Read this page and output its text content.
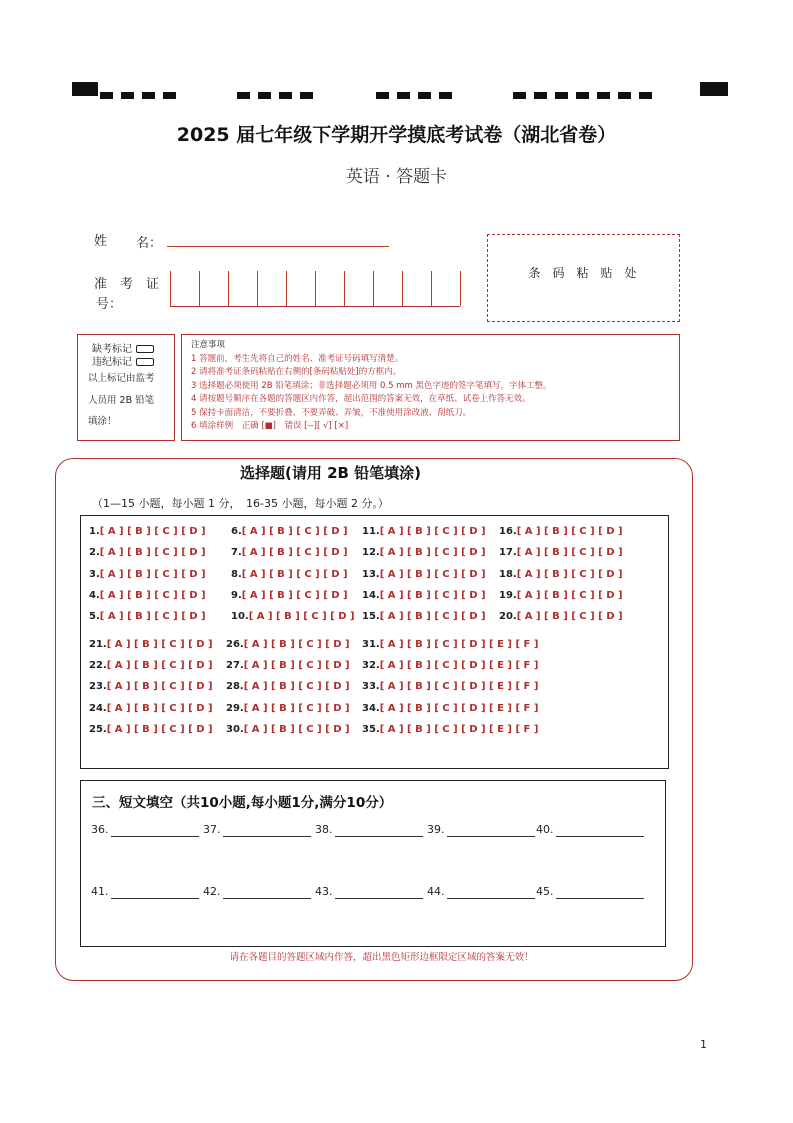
2025 届七年级下学期开学摸底考试卷（湖北省卷）
英语 · 答题卡
姓 名：
准　考　证
号：
条　码　粘　贴　处
缺考标记
违纪标记
以上标记由监考
人员用 2B 铅笔
填涂！
注意事项
1 答题前，考生先将自己的姓名、准考证号码填写清楚。
2 请将准考证条码粘贴在右侧的[条码粘贴处]的方框内。
3 选择题必须使用 2B 铅笔填涂；非选择题必须用 0.5 mm 黑色字迹的签字笔填写，字体工整。
4 请按题号顺序在各题的答题区内作答，超出范围的答案无效，在草纸、试卷上作答无效。
5 保持卡面清洁，不要折叠、不要弄破、弄皱，不准使用涂改液、刮纸刀。
6 填涂样例　正确 [■]　错误 [--][ √] [×]
选择题(请用 2B 铅笔填涂)
（1—15 小题，每小题 1 分，　16-35 小题，每小题 2 分。）
1.[ A ] [ B ] [ C ] [ D ]
2.[ A ] [ B ] [ C ] [ D ]
3.[ A ] [ B ] [ C ] [ D ]
4.[ A ] [ B ] [ C ] [ D ]
5.[ A ] [ B ] [ C ] [ D ]
6.[ A ] [ B ] [ C ] [ D ]
7.[ A ] [ B ] [ C ] [ D ]
8.[ A ] [ B ] [ C ] [ D ]
9.[ A ] [ B ] [ C ] [ D ]
10.[ A ] [ B ] [ C ] [ D ]
11.[ A ] [ B ] [ C ] [ D ]
12.[ A ] [ B ] [ C ] [ D ]
13.[ A ] [ B ] [ C ] [ D ]
14.[ A ] [ B ] [ C ] [ D ]
15.[ A ] [ B ] [ C ] [ D ]
16.[ A ] [ B ] [ C ] [ D ]
17.[ A ] [ B ] [ C ] [ D ]
18.[ A ] [ B ] [ C ] [ D ]
19.[ A ] [ B ] [ C ] [ D ]
20.[ A ] [ B ] [ C ] [ D ]
21.[ A ] [ B ] [ C ] [ D ]
22.[ A ] [ B ] [ C ] [ D ]
23.[ A ] [ B ] [ C ] [ D ]
24.[ A ] [ B ] [ C ] [ D ]
25.[ A ] [ B ] [ C ] [ D ]
26.[ A ] [ B ] [ C ] [ D ]
27.[ A ] [ B ] [ C ] [ D ]
28.[ A ] [ B ] [ C ] [ D ]
29.[ A ] [ B ] [ C ] [ D ]
30.[ A ] [ B ] [ C ] [ D ]
31.[ A ] [ B ] [ C ] [ D ] [ E ] [ F ]
32.[ A ] [ B ] [ C ] [ D ] [ E ] [ F ]
33.[ A ] [ B ] [ C ] [ D ] [ E ] [ F ]
34.[ A ] [ B ] [ C ] [ D ] [ E ] [ F ]
35.[ A ] [ B ] [ C ] [ D ] [ E ] [ F ]
三、短文填空（共10小题,每小题1分,满分10分）
36.	37.	38.	39.	40.
41.	42.	43.	44.	45.
请在各题目的答题区域内作答，超出黑色矩形边框限定区域的答案无效！
1
